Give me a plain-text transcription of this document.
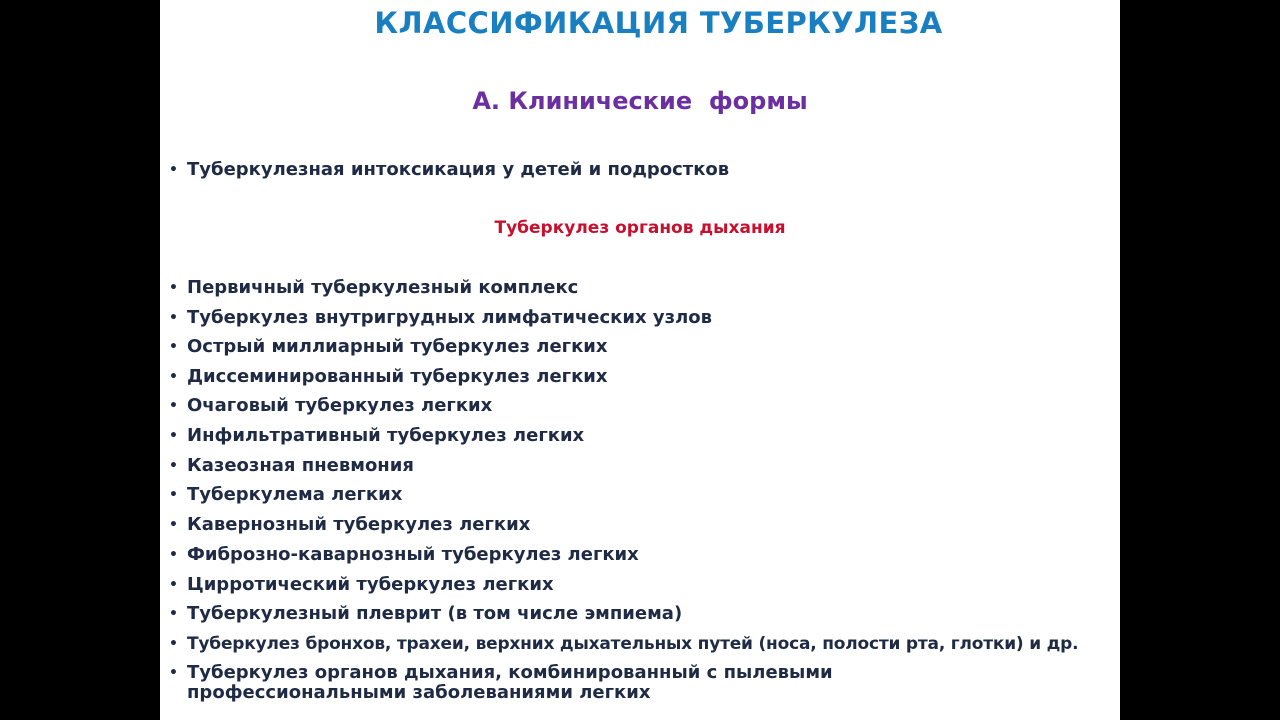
КЛАССИФИКАЦИЯ ТУБЕРКУЛЕЗА
А. Клинические  формы
• Туберкулезная интоксикация у детей и подростков
Туберкулез органов дыхания
• Первичный туберкулезный комплекс
• Туберкулез внутригрудных лимфатических узлов
• Острый миллиарный туберкулез легких
• Диссеминированный туберкулез легких
• Очаговый туберкулез легких
• Инфильтративный туберкулез легких
• Казеозная пневмония
• Туберкулема легких
• Кавернозный туберкулез легких
• Фиброзно-каварнозный туберкулез легких
• Цирротический туберкулез легких
• Туберкулезный плеврит (в том числе эмпиема)
• Туберкулез бронхов, трахеи, верхних дыхательных путей (носа, полости рта, глотки) и др.
• Туберкулез органов дыхания, комбинированный с пылевыми профессиональными заболеваниями легких
